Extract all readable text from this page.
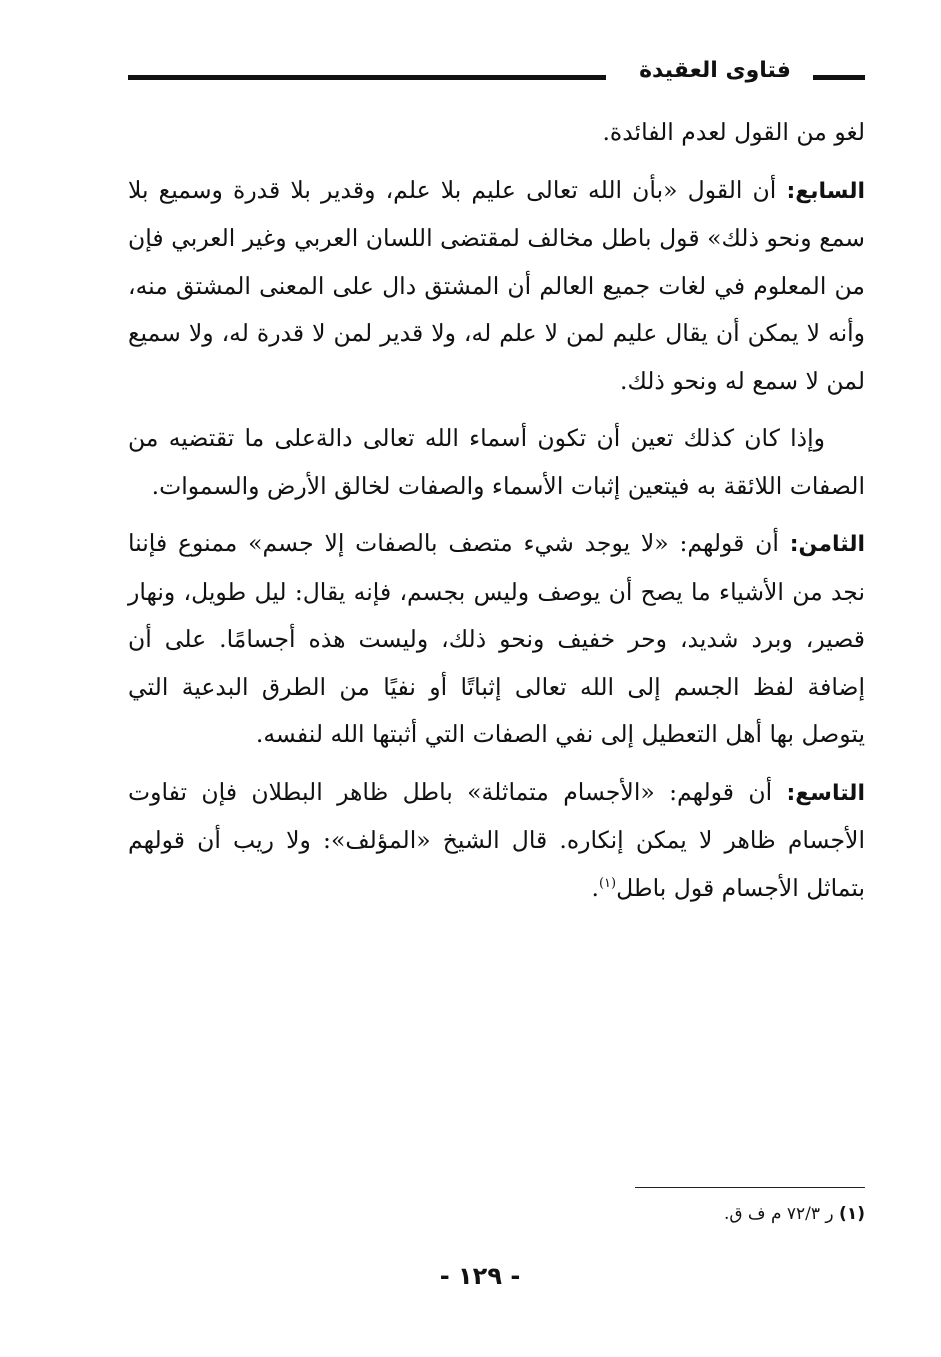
فتاوى العقيدة

لغو من القول لعدم الفائدة.

السابع: أن القول «بأن الله تعالى عليم بلا علم، وقدير بلا قدرة وسميع بلا سمع ونحو ذلك» قول باطل مخالف لمقتضى اللسان العربي وغير العربي فإن من المعلوم في لغات جميع العالم أن المشتق دال على المعنى المشتق منه، وأنه لا يمكن أن يقال عليم لمن لا علم له، ولا قدير لمن لا قدرة له، ولا سميع لمن لا سمع له ونحو ذلك.

وإذا كان كذلك تعين أن تكون أسماء الله تعالى دالةعلى ما تقتضيه من الصفات اللائقة به فيتعين إثبات الأسماء والصفات لخالق الأرض والسموات.

الثامن: أن قولهم: «لا يوجد شيء متصف بالصفات إلا جسم» ممنوع فإننا نجد من الأشياء ما يصح أن يوصف وليس بجسم، فإنه يقال: ليل طويل، ونهار قصير، وبرد شديد، وحر خفيف ونحو ذلك، وليست هذه أجسامًا. على أن إضافة لفظ الجسم إلى الله تعالى إثباتًا أو نفيًا من الطرق البدعية التي يتوصل بها أهل التعطيل إلى نفي الصفات التي أثبتها الله لنفسه.

التاسع: أن قولهم: «الأجسام متماثلة» باطل ظاهر البطلان فإن تفاوت الأجسام ظاهر لا يمكن إنكاره. قال الشيخ «المؤلف»: ولا ريب أن قولهم بتماثل الأجسام قول باطل$^{(١)}$.

(١) ر ٧٢/٣ م ف ق.
- ١٢٩ -
